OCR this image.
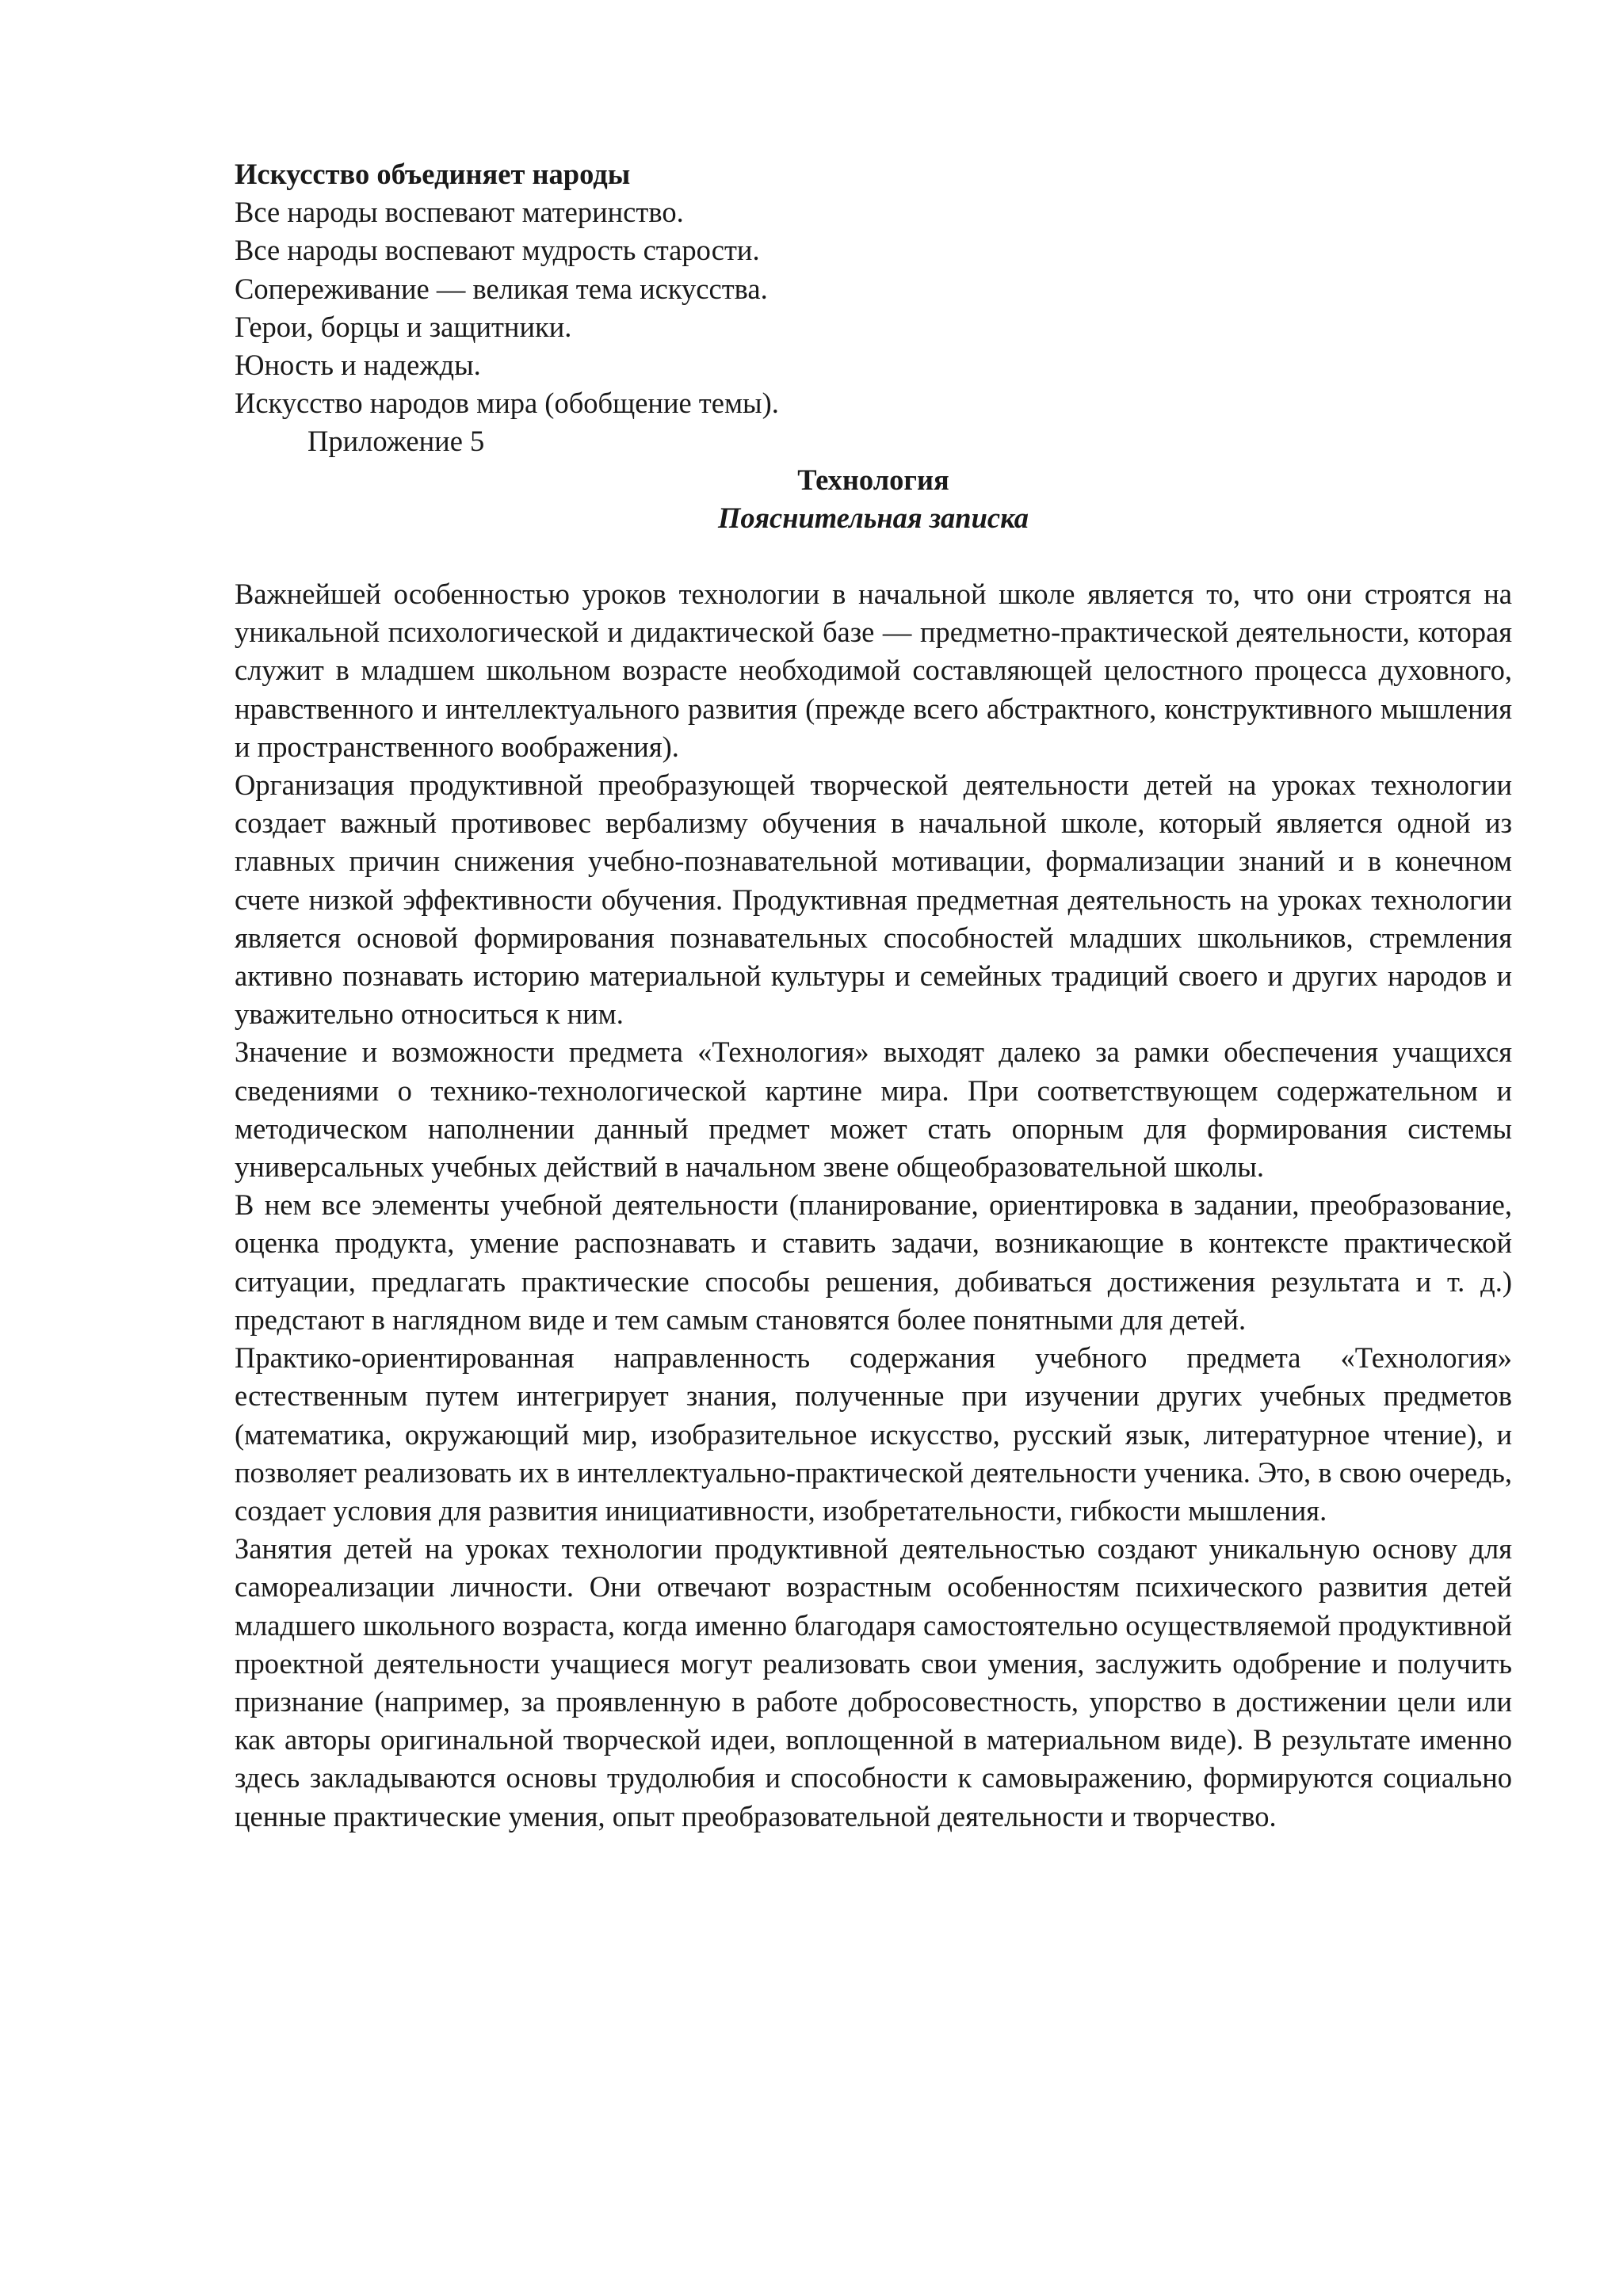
Искусство объединяет народы

Все народы воспевают материнство.

Все народы воспевают мудрость старости.

Сопереживание — великая тема искусства.

Герои, борцы и защитники.

Юность и надежды.

Искусство народов мира (обобщение темы).

Приложение 5

Технология

Пояснительная записка

Важнейшей особенностью уроков технологии в начальной школе является то, что они строятся на уникальной психологической и дидактической базе — предметно-практической деятельности, которая служит в младшем школьном возрасте необходимой составляющей целостного процесса духовного, нравственного и интеллектуального развития (прежде всего абстрактного, конструктивного мышления и пространственного воображения).

Организация продуктивной преобразующей творческой деятельности детей на уроках технологии создает важный противовес вербализму обучения в начальной школе, который является одной из главных причин снижения учебно-познавательной мотивации, формализации знаний и в конечном счете низкой эффективности обучения. Продуктивная предметная деятельность на уроках технологии является основой формирования познавательных способностей младших школьников, стремления активно познавать историю материальной культуры и семейных традиций своего и других народов и уважительно относиться к ним.

Значение и возможности предмета «Технология» выходят далеко за рамки обеспечения учащихся сведениями о технико-технологической картине мира. При соответствующем содержательном и методическом наполнении данный предмет может стать опорным для формирования системы универсальных учебных действий в начальном звене общеобразовательной школы.

В нем все элементы учебной деятельности (планирование, ориентировка в задании, преобразование, оценка продукта, умение распознавать и ставить задачи, возникающие в контексте практической ситуации, предлагать практические способы решения, добиваться достижения результата и т. д.) предстают в наглядном виде и тем самым становятся более понятными для детей.

Практико-ориентированная направленность содержания учебного предмета «Технология» естественным путем интегрирует знания, полученные при изучении других учебных предметов (математика, окружающий мир, изобразительное искусство, русский язык, литературное чтение), и позволяет реализовать их в интеллектуально-практической деятельности ученика. Это, в свою очередь, создает условия для развития инициативности, изобретательности, гибкости мышления.

Занятия детей на уроках технологии продуктивной деятельностью создают уникальную основу для самореализации личности. Они отвечают возрастным особенностям психического развития детей младшего школьного возраста, когда именно благодаря самостоятельно осуществляемой продуктивной проектной деятельности учащиеся могут реализовать свои умения, заслужить одобрение и получить признание (например, за проявленную в работе добросовестность, упорство в достижении цели или как авторы оригинальной творческой идеи, воплощенной в материальном виде). В результате именно здесь закладываются основы трудолюбия и способности к самовыражению, формируются социально ценные практические умения, опыт преобразовательной деятельности и творчество.
